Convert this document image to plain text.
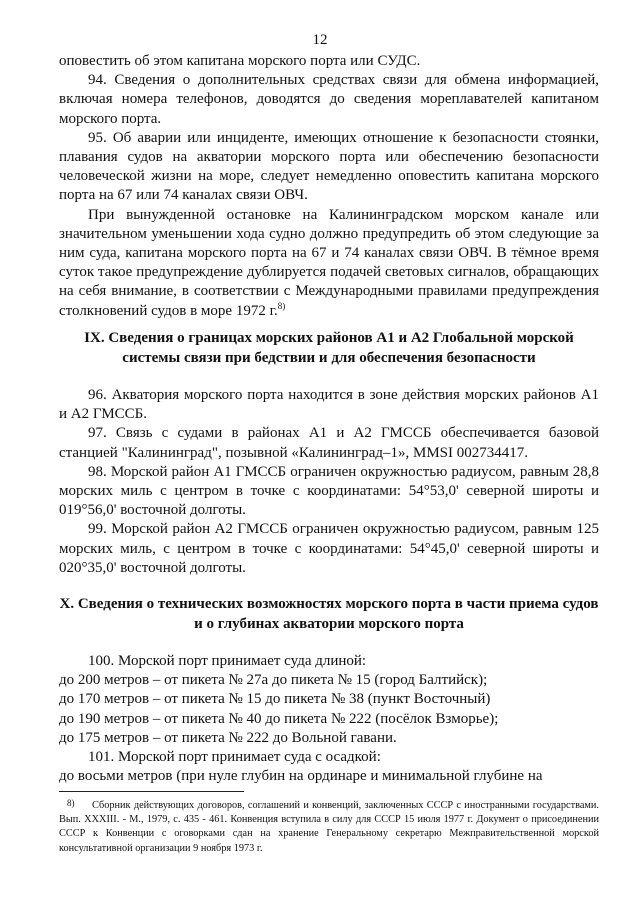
12

оповестить об этом капитана морского порта или СУДС.

94. Сведения о дополнительных средствах связи для обмена информацией, включая номера телефонов, доводятся до сведения мореплавателей капитаном морского порта.

95. Об аварии или инциденте, имеющих отношение к безопасности стоянки, плавания судов на акватории морского порта или обеспечению безопасности человеческой жизни на море, следует немедленно оповестить капитана морского порта на 67 или 74 каналах связи ОВЧ.

При вынужденной остановке на Калининградском морском канале или значительном уменьшении хода судно должно предупредить об этом следующие за ним суда, капитана морского порта на 67 и 74 каналах связи ОВЧ. В тёмное время суток такое предупреждение дублируется подачей световых сигналов, обращающих на себя внимание, в соответствии с Международными правилами предупреждения столкновений судов в море 1972 г.$^{8)}$

IX. Сведения о границах морских районов А1 и А2 Глобальной морской системы связи при бедствии и для обеспечения безопасности

96. Акватория морского порта находится в зоне действия морских районов А1 и А2 ГМССБ.

97. Связь с судами в районах А1 и А2 ГМССБ обеспечивается базовой станцией "Калининград", позывной «Калининград–1», MMSI 002734417.

98. Морской район А1 ГМССБ ограничен окружностью радиусом, равным 28,8 морских миль с центром в точке с координатами: 54°53,0' северной широты и 019°56,0' восточной долготы.

99. Морской район А2 ГМССБ ограничен окружностью радиусом, равным 125 морских миль, с центром в точке с координатами: 54°45,0' северной широты и 020°35,0' восточной долготы.

X. Сведения о технических возможностях морского порта в части приема судов и о глубинах акватории морского порта

100. Морской порт принимает суда длиной:

до 200 метров – от пикета № 27а до пикета № 15 (город Балтийск);

до 170 метров – от пикета № 15 до пикета № 38 (пункт Восточный)

до 190 метров – от пикета № 40 до пикета № 222 (посёлок Взморье);

до 175 метров – от пикета № 222 до Вольной гавани.

101. Морской порт принимает суда с осадкой:

до восьми метров (при нуле глубин на ординаре и минимальной глубине на

8)	Сборник действующих договоров, соглашений и конвенций, заключенных СССР с иностранными государствами. Вып. XXXIII. - М., 1979, с. 435 - 461. Конвенция вступила в силу для СССР 15 июля 1977 г. Документ о присоединении СССР к Конвенции с оговорками сдан на хранение Генеральному секретарю Межправительственной морской консультативной организации 9 ноября 1973 г.
